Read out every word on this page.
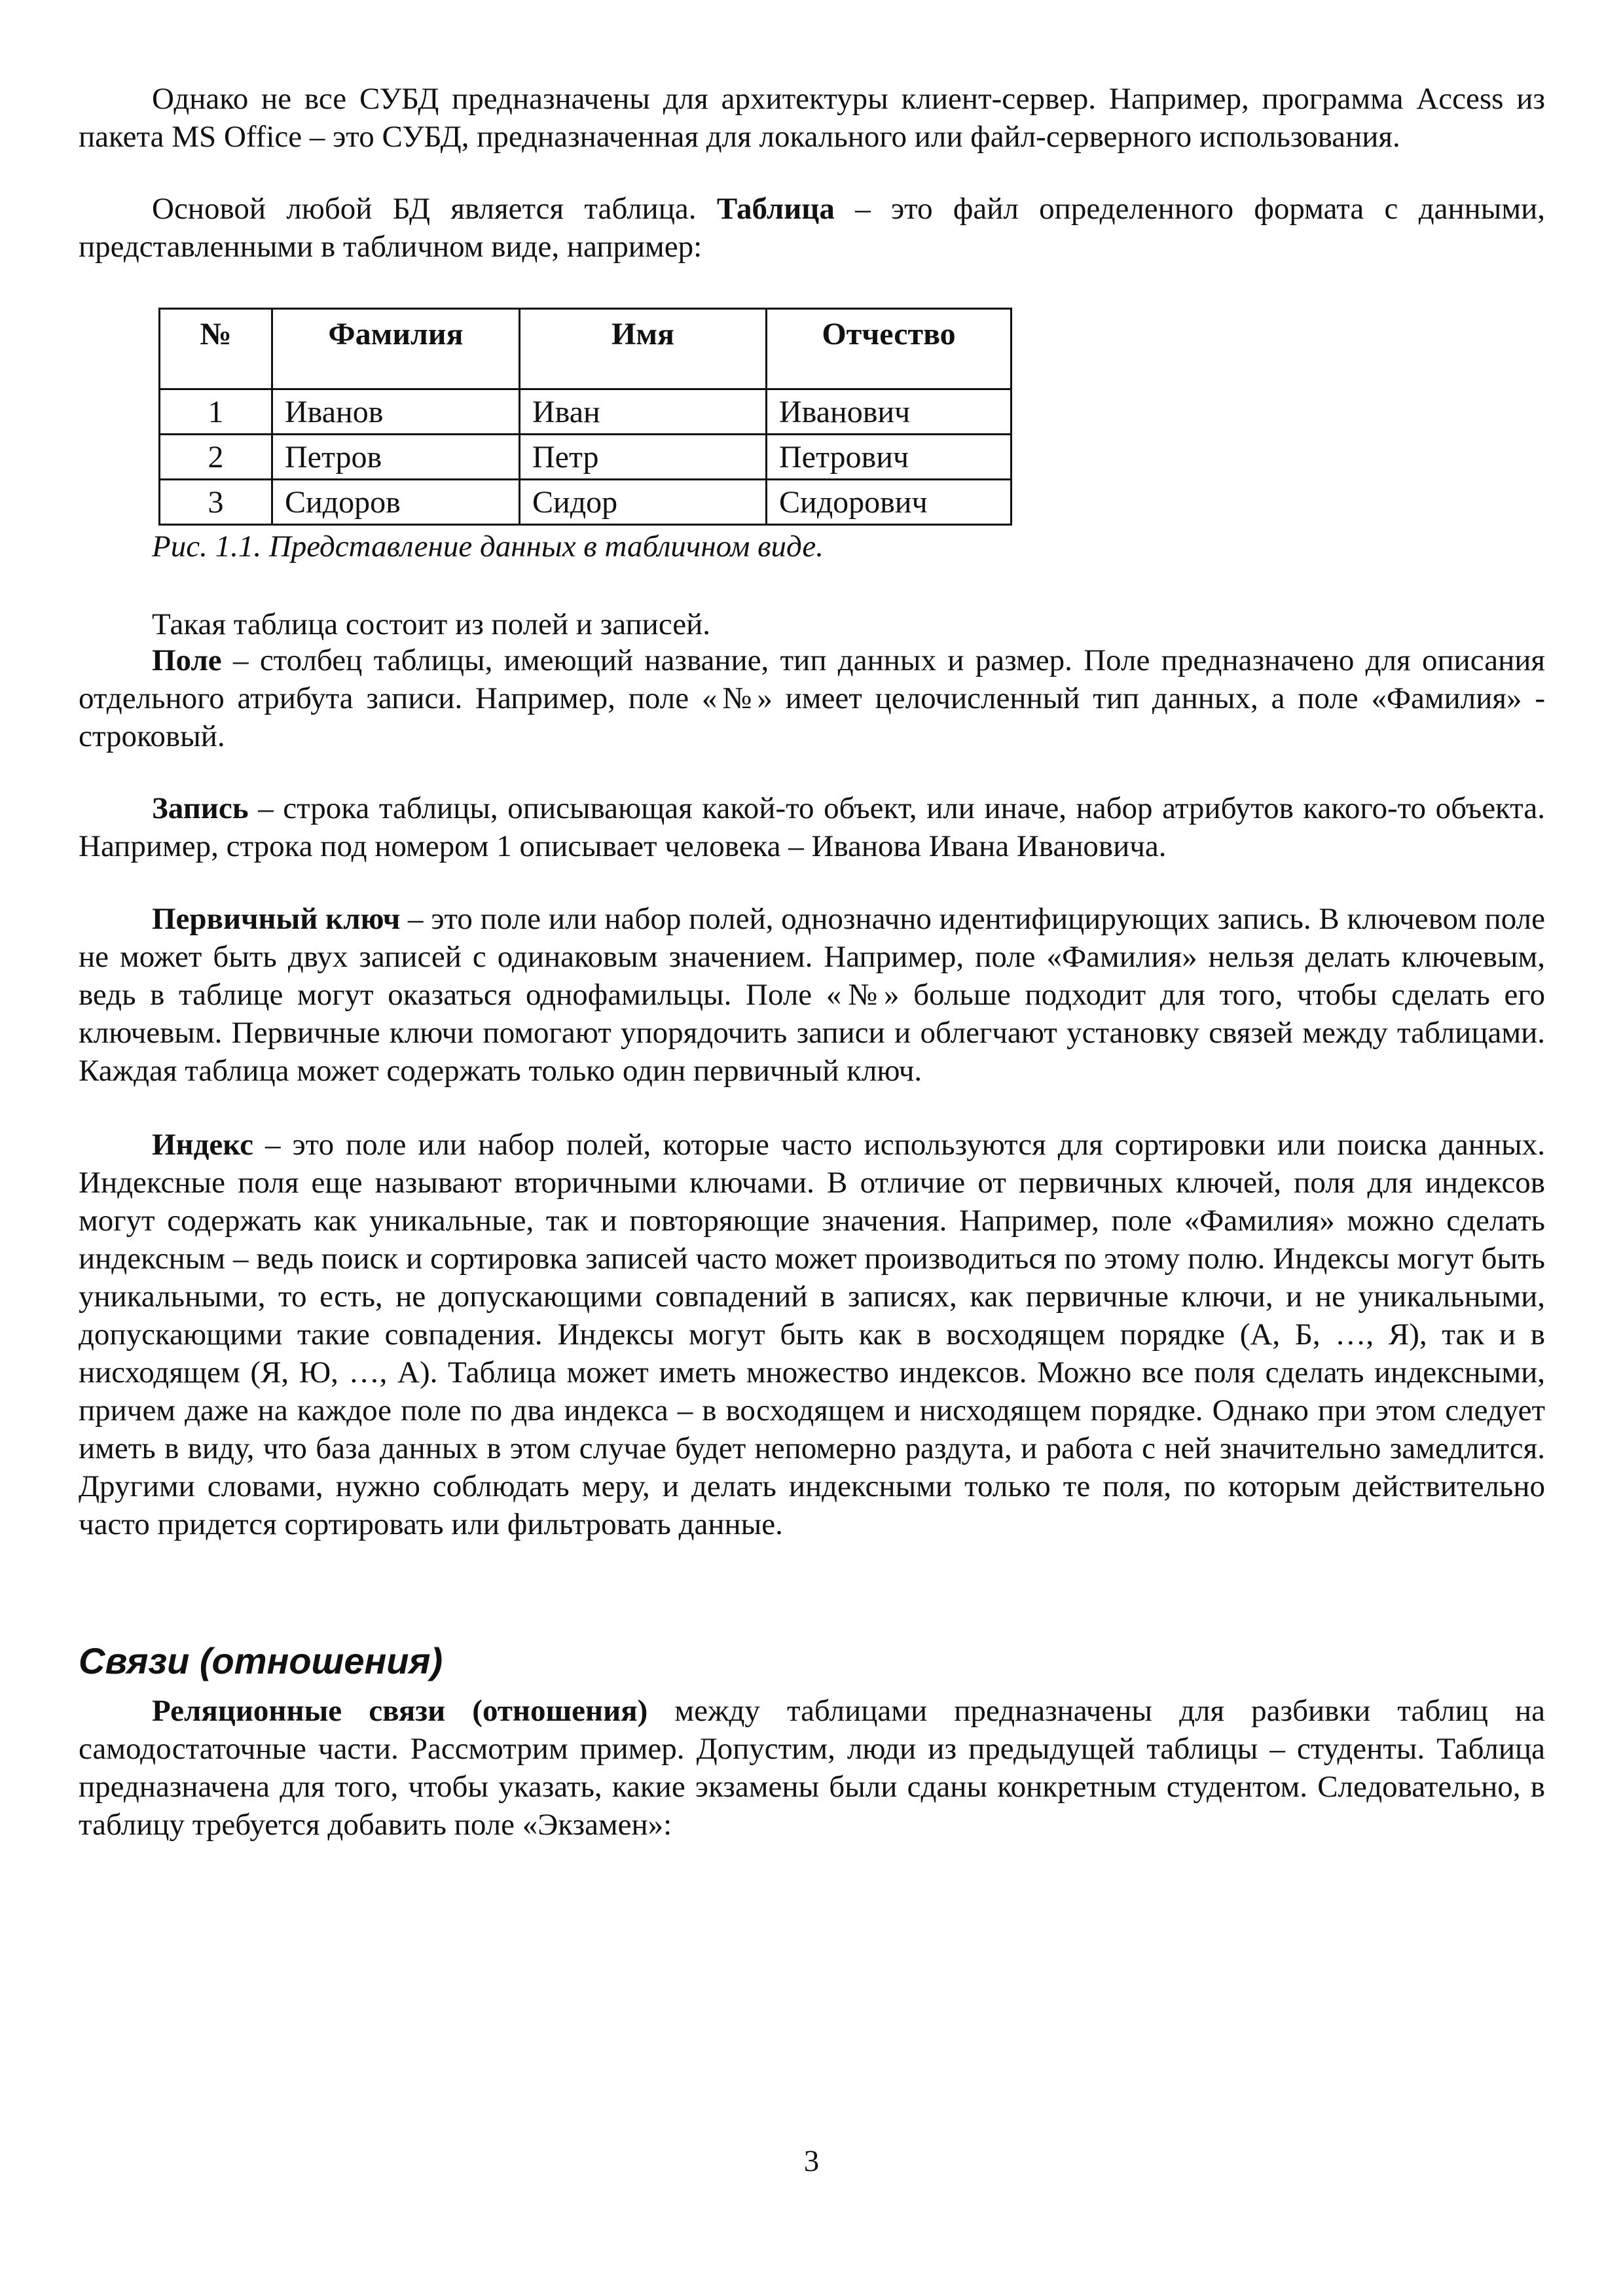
Однако не все СУБД предназначены для архитектуры клиент-сервер. Например, программа Access из пакета MS Office – это СУБД, предназначенная для локального или файл-серверного использования.

Основой любой БД является таблица. Таблица – это файл определенного формата с данными, представленными в табличном виде, например:

№	Фамилия	Имя	Отчество
1	Иванов	Иван	Иванович
2	Петров	Петр	Петрович
3	Сидоров	Сидор	Сидорович
Рис. 1.1. Представление данных в табличном виде.

Такая таблица состоит из полей и записей.

Поле – столбец таблицы, имеющий название, тип данных и размер. Поле предназначено для описания отдельного атрибута записи. Например, поле «№» имеет целочисленный тип данных, а поле «Фамилия» - строковый.

Запись – строка таблицы, описывающая какой-то объект, или иначе, набор атрибутов какого-то объекта. Например, строка под номером 1 описывает человека – Иванова Ивана Ивановича.

Первичный ключ – это поле или набор полей, однозначно идентифицирующих запись. В ключевом поле не может быть двух записей с одинаковым значением. Например, поле «Фамилия» нельзя делать ключевым, ведь в таблице могут оказаться однофамильцы. Поле «№» больше подходит для того, чтобы сделать его ключевым. Первичные ключи помогают упорядочить записи и облегчают установку связей между таблицами. Каждая таблица может содержать только один первичный ключ.

Индекс – это поле или набор полей, которые часто используются для сортировки или поиска данных. Индексные поля еще называют вторичными ключами. В отличие от первичных ключей, поля для индексов могут содержать как уникальные, так и повторяющие значения. Например, поле «Фамилия» можно сделать индексным – ведь поиск и сортировка записей часто может производиться по этому полю. Индексы могут быть уникальными, то есть, не допускающими совпадений в записях, как первичные ключи, и не уникальными, допускающими такие совпадения. Индексы могут быть как в восходящем порядке (А, Б, …, Я), так и в нисходящем (Я, Ю, …, А). Таблица может иметь множество индексов. Можно все поля сделать индексными, причем даже на каждое поле по два индекса – в восходящем и нисходящем порядке. Однако при этом следует иметь в виду, что база данных в этом случае будет непомерно раздута, и работа с ней значительно замедлится. Другими словами, нужно соблюдать меру, и делать индексными только те поля, по которым действительно часто придется сортировать или фильтровать данные.

Связи (отношения)

Реляционные связи (отношения) между таблицами предназначены для разбивки таблиц на самодостаточные части. Рассмотрим пример. Допустим, люди из предыдущей таблицы – студенты. Таблица предназначена для того, чтобы указать, какие экзамены были сданы конкретным студентом. Следовательно, в таблицу требуется добавить поле «Экзамен»:

3
